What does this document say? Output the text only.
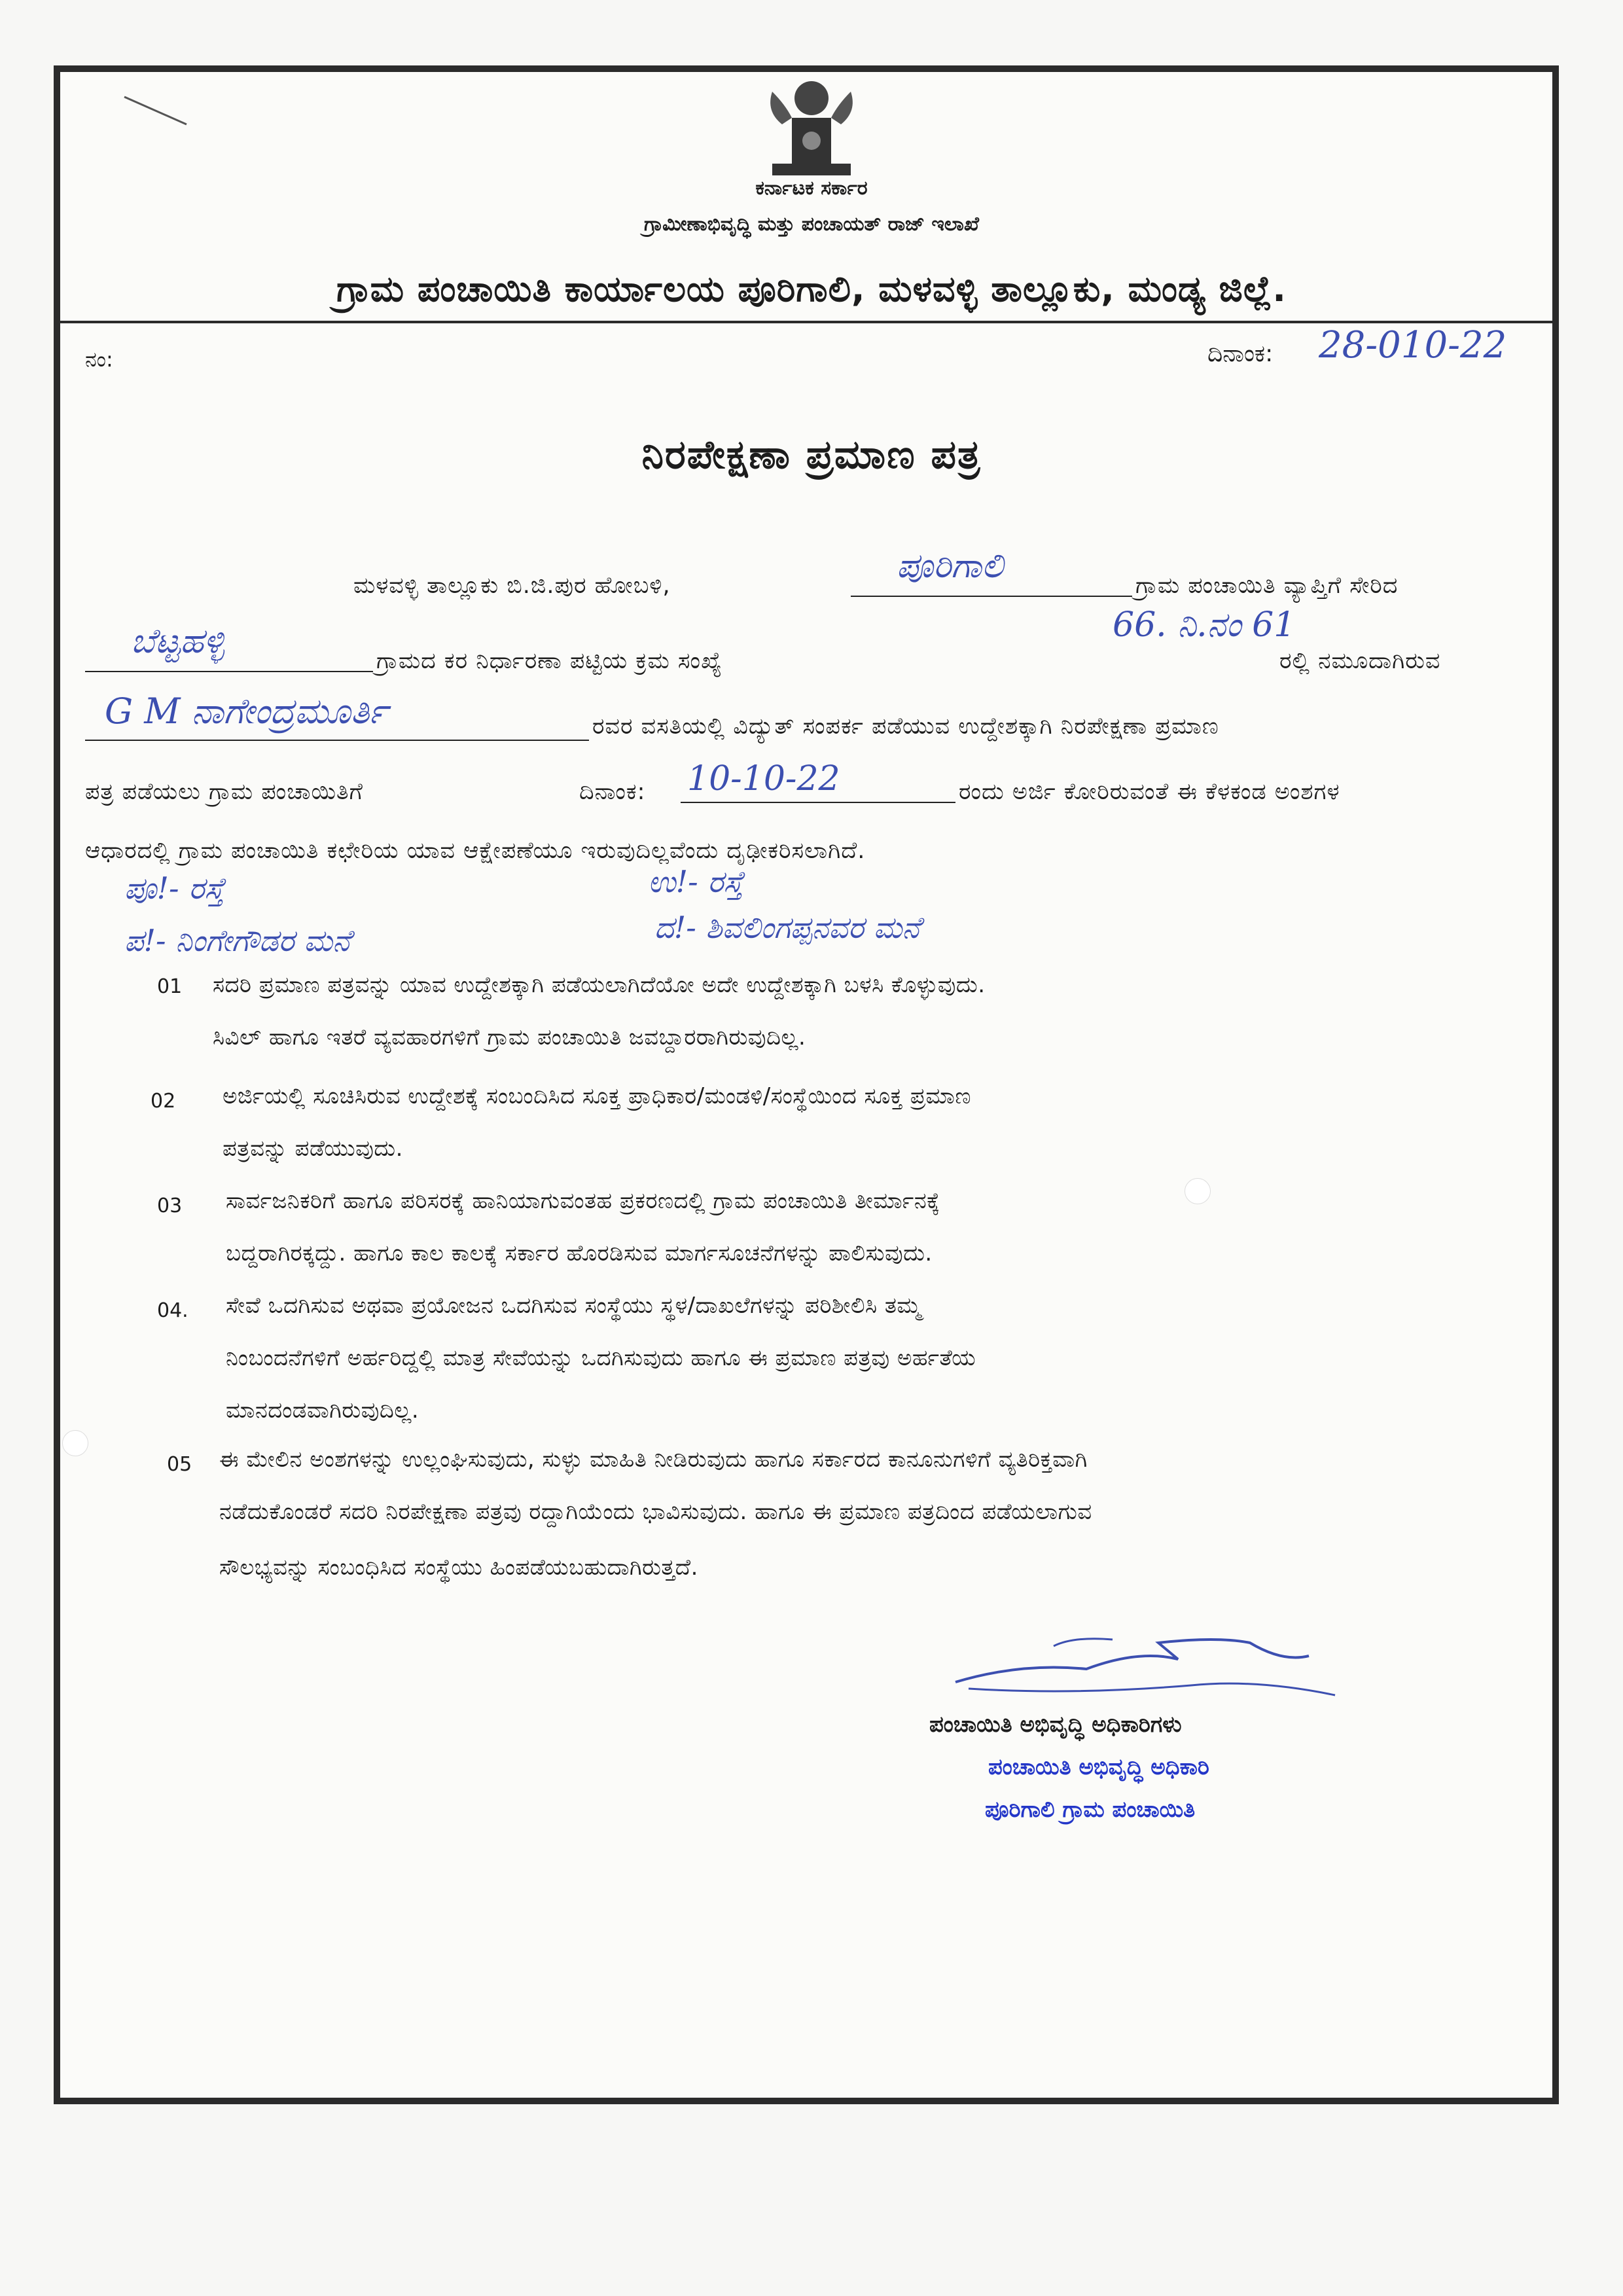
ಕರ್ನಾಟಕ ಸರ್ಕಾರ
ಗ್ರಾಮೀಣಾಭಿವೃದ್ಧಿ ಮತ್ತು ಪಂಚಾಯತ್ ರಾಜ್ ಇಲಾಖೆ
ಗ್ರಾಮ ಪಂಚಾಯಿತಿ ಕಾರ್ಯಾಲಯ ಪೂರಿಗಾಲಿ, ಮಳವಳ್ಳಿ ತಾಲ್ಲೂಕು, ಮಂಡ್ಯ ಜಿಲ್ಲೆ.
ನಂ:	ದಿನಾಂಕ: 28-010-22
ನಿರಪೇಕ್ಷಣಾ ಪ್ರಮಾಣ ಪತ್ರ
ಮಳವಳ್ಳಿ ತಾಲ್ಲೂಕು ಬಿ.ಜಿ.ಪುರ ಹೋಬಳಿ,	ಪೂರಿಗಾಲಿ	ಗ್ರಾಮ ಪಂಚಾಯಿತಿ ವ್ಯಾಪ್ತಿಗೆ ಸೇರಿದ
ಬೆಟ್ಟಹಳ್ಳಿ	ಗ್ರಾಮದ ಕರ ನಿರ್ಧಾರಣಾ ಪಟ್ಟಿಯ ಕ್ರಮ ಸಂಖ್ಯೆ
66. ನಿ.ನಂ 61
ರಲ್ಲಿ ನಮೂದಾಗಿರುವ
G M ನಾಗೇಂದ್ರಮೂರ್ತಿ	ರವರ ವಸತಿಯಲ್ಲಿ ವಿದ್ಯುತ್ ಸಂಪರ್ಕ ಪಡೆಯುವ ಉದ್ದೇಶಕ್ಕಾಗಿ ನಿರಪೇಕ್ಷಣಾ ಪ್ರಮಾಣ
ಪತ್ರ ಪಡೆಯಲು ಗ್ರಾಮ ಪಂಚಾಯಿತಿಗೆ	ದಿನಾಂಕ: 10-10-22	ರಂದು ಅರ್ಜಿ ಕೋರಿರುವಂತೆ ಈ ಕೆಳಕಂಡ ಅಂಶಗಳ
ಆಧಾರದಲ್ಲಿ ಗ್ರಾಮ ಪಂಚಾಯಿತಿ ಕಛೇರಿಯ ಯಾವ ಆಕ್ಷೇಪಣೆಯೂ ಇರುವುದಿಲ್ಲವೆಂದು ದೃಢೀಕರಿಸಲಾಗಿದೆ.
ಪೂ!- ರಸ್ತೆ
ಪ!- ನಿಂಗೇಗೌಡರ ಮನೆ
ಉ!- ರಸ್ತೆ
ದ!- ಶಿವಲಿಂಗಪ್ಪನವರ ಮನೆ
01 ಸದರಿ ಪ್ರಮಾಣ ಪತ್ರವನ್ನು ಯಾವ ಉದ್ದೇಶಕ್ಕಾಗಿ ಪಡೆಯಲಾಗಿದೆಯೋ ಅದೇ ಉದ್ದೇಶಕ್ಕಾಗಿ ಬಳಸಿ ಕೊಳ್ಳುವುದು.
ಸಿವಿಲ್ ಹಾಗೂ ಇತರೆ ವ್ಯವಹಾರಗಳಿಗೆ ಗ್ರಾಮ ಪಂಚಾಯಿತಿ ಜವಬ್ದಾರರಾಗಿರುವುದಿಲ್ಲ.
02 ಅರ್ಜಿಯಲ್ಲಿ ಸೂಚಿಸಿರುವ ಉದ್ದೇಶಕ್ಕೆ ಸಂಬಂದಿಸಿದ ಸೂಕ್ತ ಪ್ರಾಧಿಕಾರ/ಮಂಡಳಿ/ಸಂಸ್ಥೆಯಿಂದ ಸೂಕ್ತ ಪ್ರಮಾಣ
ಪತ್ರವನ್ನು ಪಡೆಯುವುದು.
03 ಸಾರ್ವಜನಿಕರಿಗೆ ಹಾಗೂ ಪರಿಸರಕ್ಕೆ ಹಾನಿಯಾಗುವಂತಹ ಪ್ರಕರಣದಲ್ಲಿ ಗ್ರಾಮ ಪಂಚಾಯಿತಿ ತೀರ್ಮಾನಕ್ಕೆ
ಬದ್ದರಾಗಿರಕ್ಕದ್ದು. ಹಾಗೂ ಕಾಲ ಕಾಲಕ್ಕೆ ಸರ್ಕಾರ ಹೊರಡಿಸುವ ಮಾರ್ಗಸೂಚನೆಗಳನ್ನು ಪಾಲಿಸುವುದು.
04. ಸೇವೆ ಒದಗಿಸುವ ಅಥವಾ ಪ್ರಯೋಜನ ಒದಗಿಸುವ ಸಂಸ್ಥೆಯು ಸ್ಥಳ/ದಾಖಲೆಗಳನ್ನು ಪರಿಶೀಲಿಸಿ ತಮ್ಮ
ನಿಂಬಂದನೆಗಳಿಗೆ ಅರ್ಹರಿದ್ದಲ್ಲಿ ಮಾತ್ರ ಸೇವೆಯನ್ನು ಒದಗಿಸುವುದು ಹಾಗೂ ಈ ಪ್ರಮಾಣ ಪತ್ರವು ಅರ್ಹತೆಯ
ಮಾನದಂಡವಾಗಿರುವುದಿಲ್ಲ.
05 ಈ ಮೇಲಿನ ಅಂಶಗಳನ್ನು ಉಲ್ಲಂಘಿಸುವುದು, ಸುಳ್ಳು ಮಾಹಿತಿ ನೀಡಿರುವುದು ಹಾಗೂ ಸರ್ಕಾರದ ಕಾನೂನುಗಳಿಗೆ ವ್ಯತಿರಿಕ್ತವಾಗಿ
ನಡೆದುಕೊಂಡರೆ ಸದರಿ ನಿರಪೇಕ್ಷಣಾ ಪತ್ರವು ರದ್ದಾಗಿಯೆಂದು ಭಾವಿಸುವುದು. ಹಾಗೂ ಈ ಪ್ರಮಾಣ ಪತ್ರದಿಂದ ಪಡೆಯಲಾಗುವ
ಸೌಲಭ್ಯವನ್ನು ಸಂಬಂಧಿಸಿದ ಸಂಸ್ಥೆಯು ಹಿಂಪಡೆಯಬಹುದಾಗಿರುತ್ತದೆ.
ಪಂಚಾಯಿತಿ ಅಭಿವೃದ್ಧಿ ಅಧಿಕಾರಿಗಳು
ಪಂಚಾಯಿತಿ ಅಭಿವೃದ್ಧಿ ಅಧಿಕಾರಿ
ಪೂರಿಗಾಲಿ ಗ್ರಾಮ ಪಂಚಾಯಿತಿ
